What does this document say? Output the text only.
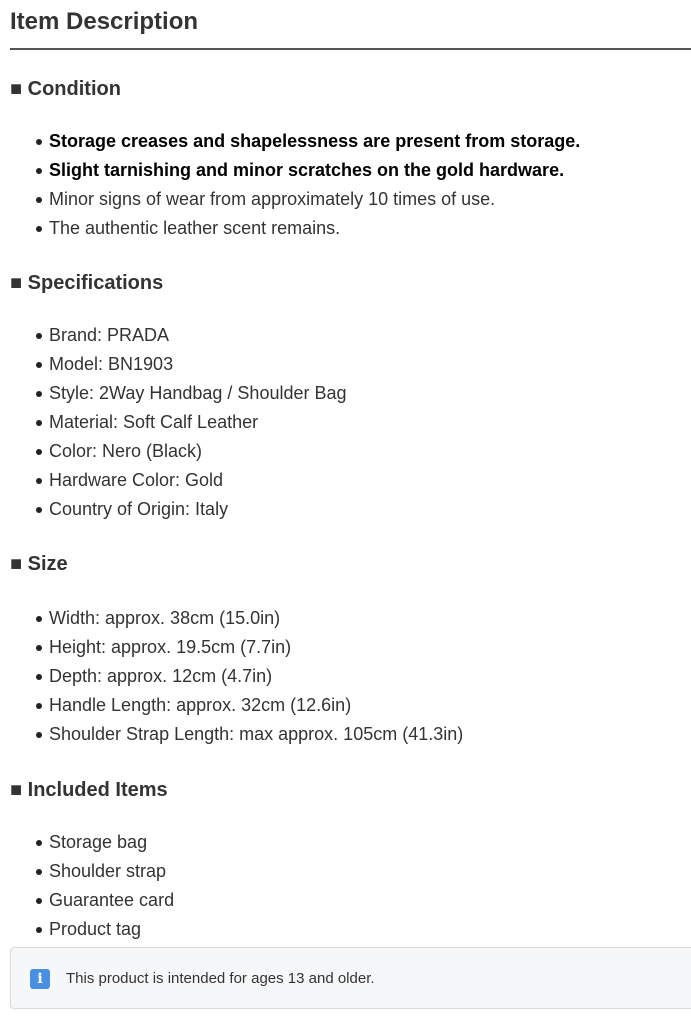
Item Description
■ Condition
Storage creases and shapelessness are present from storage.
Slight tarnishing and minor scratches on the gold hardware.
Minor signs of wear from approximately 10 times of use.
The authentic leather scent remains.
■ Specifications
Brand: PRADA
Model: BN1903
Style: 2Way Handbag / Shoulder Bag
Material: Soft Calf Leather
Color: Nero (Black)
Hardware Color: Gold
Country of Origin: Italy
■ Size
Width: approx. 38cm (15.0in)
Height: approx. 19.5cm (7.7in)
Depth: approx. 12cm (4.7in)
Handle Length: approx. 32cm (12.6in)
Shoulder Strap Length: max approx. 105cm (41.3in)
■ Included Items
Storage bag
Shoulder strap
Guarantee card
Product tag
i	This product is intended for ages 13 and older.
